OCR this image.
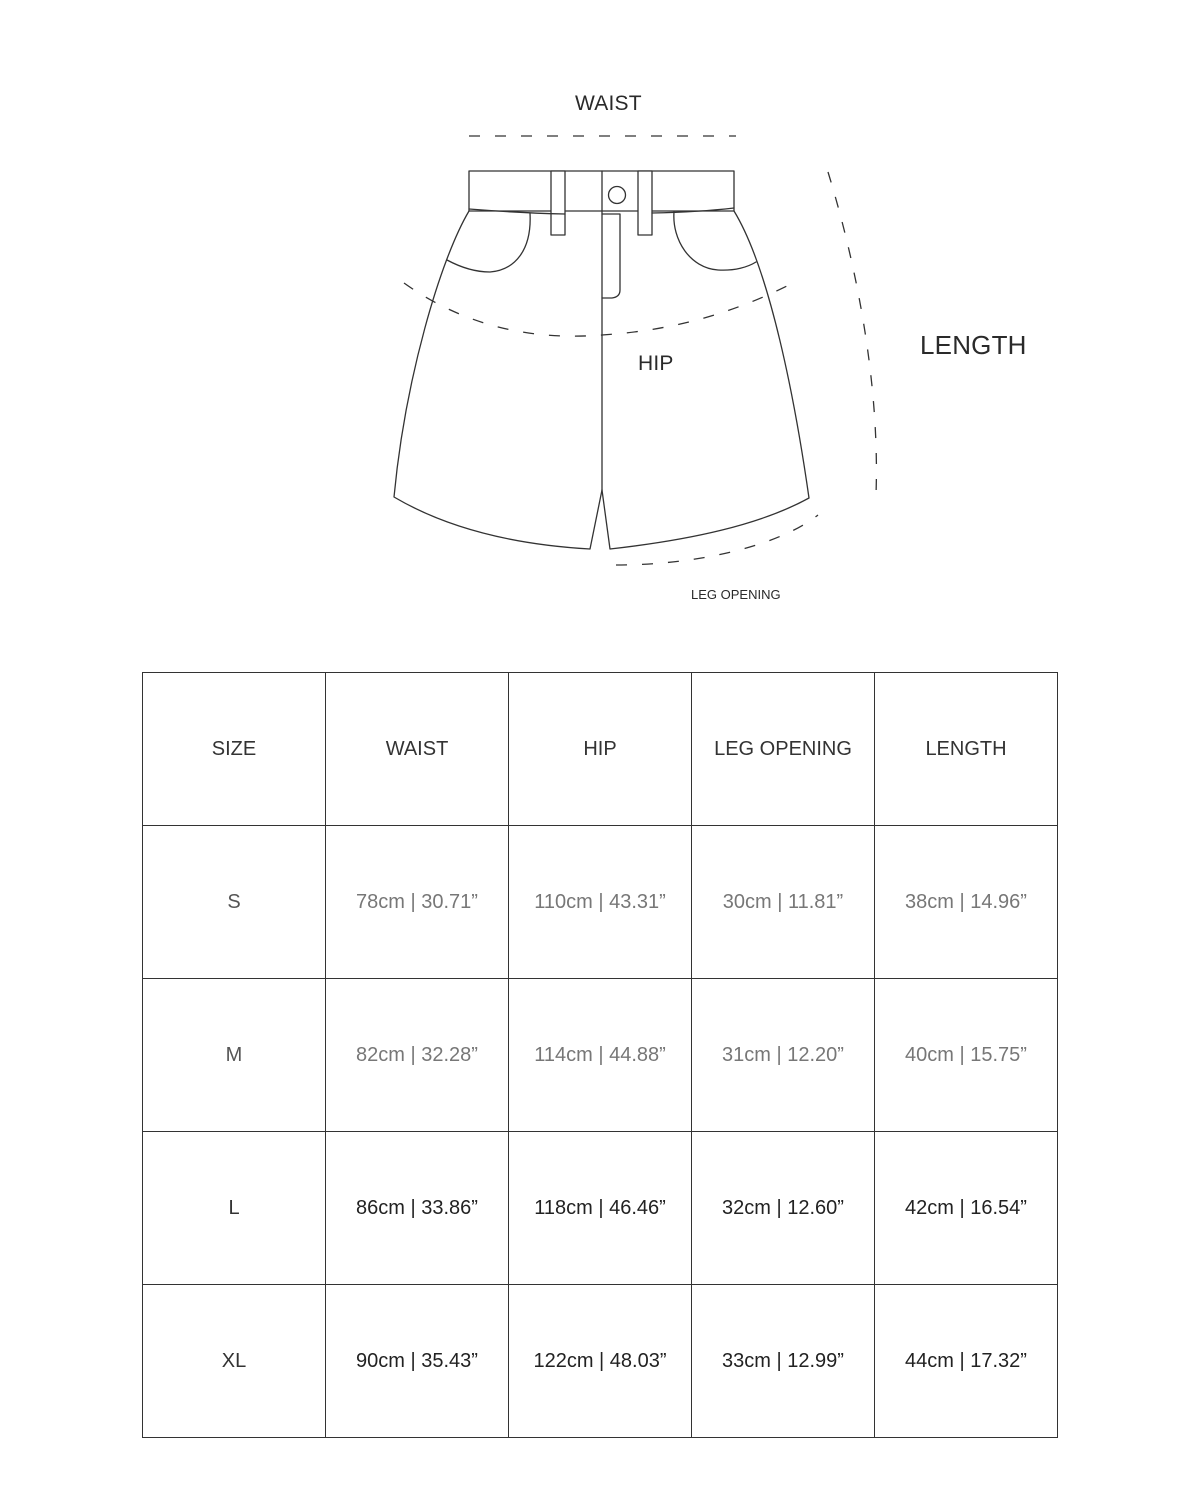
WAIST
HIP
LENGTH
LEG OPENING
SIZE	WAIST	HIP	LEG OPENING	LENGTH
S	78cm | 30.71”	110cm | 43.31”	30cm | 11.81”	38cm | 14.96”
M	82cm | 32.28”	114cm | 44.88”	31cm | 12.20”	40cm | 15.75”
L	86cm | 33.86”	118cm | 46.46”	32cm | 12.60”	42cm | 16.54”
XL	90cm | 35.43”	122cm | 48.03”	33cm | 12.99”	44cm | 17.32”
